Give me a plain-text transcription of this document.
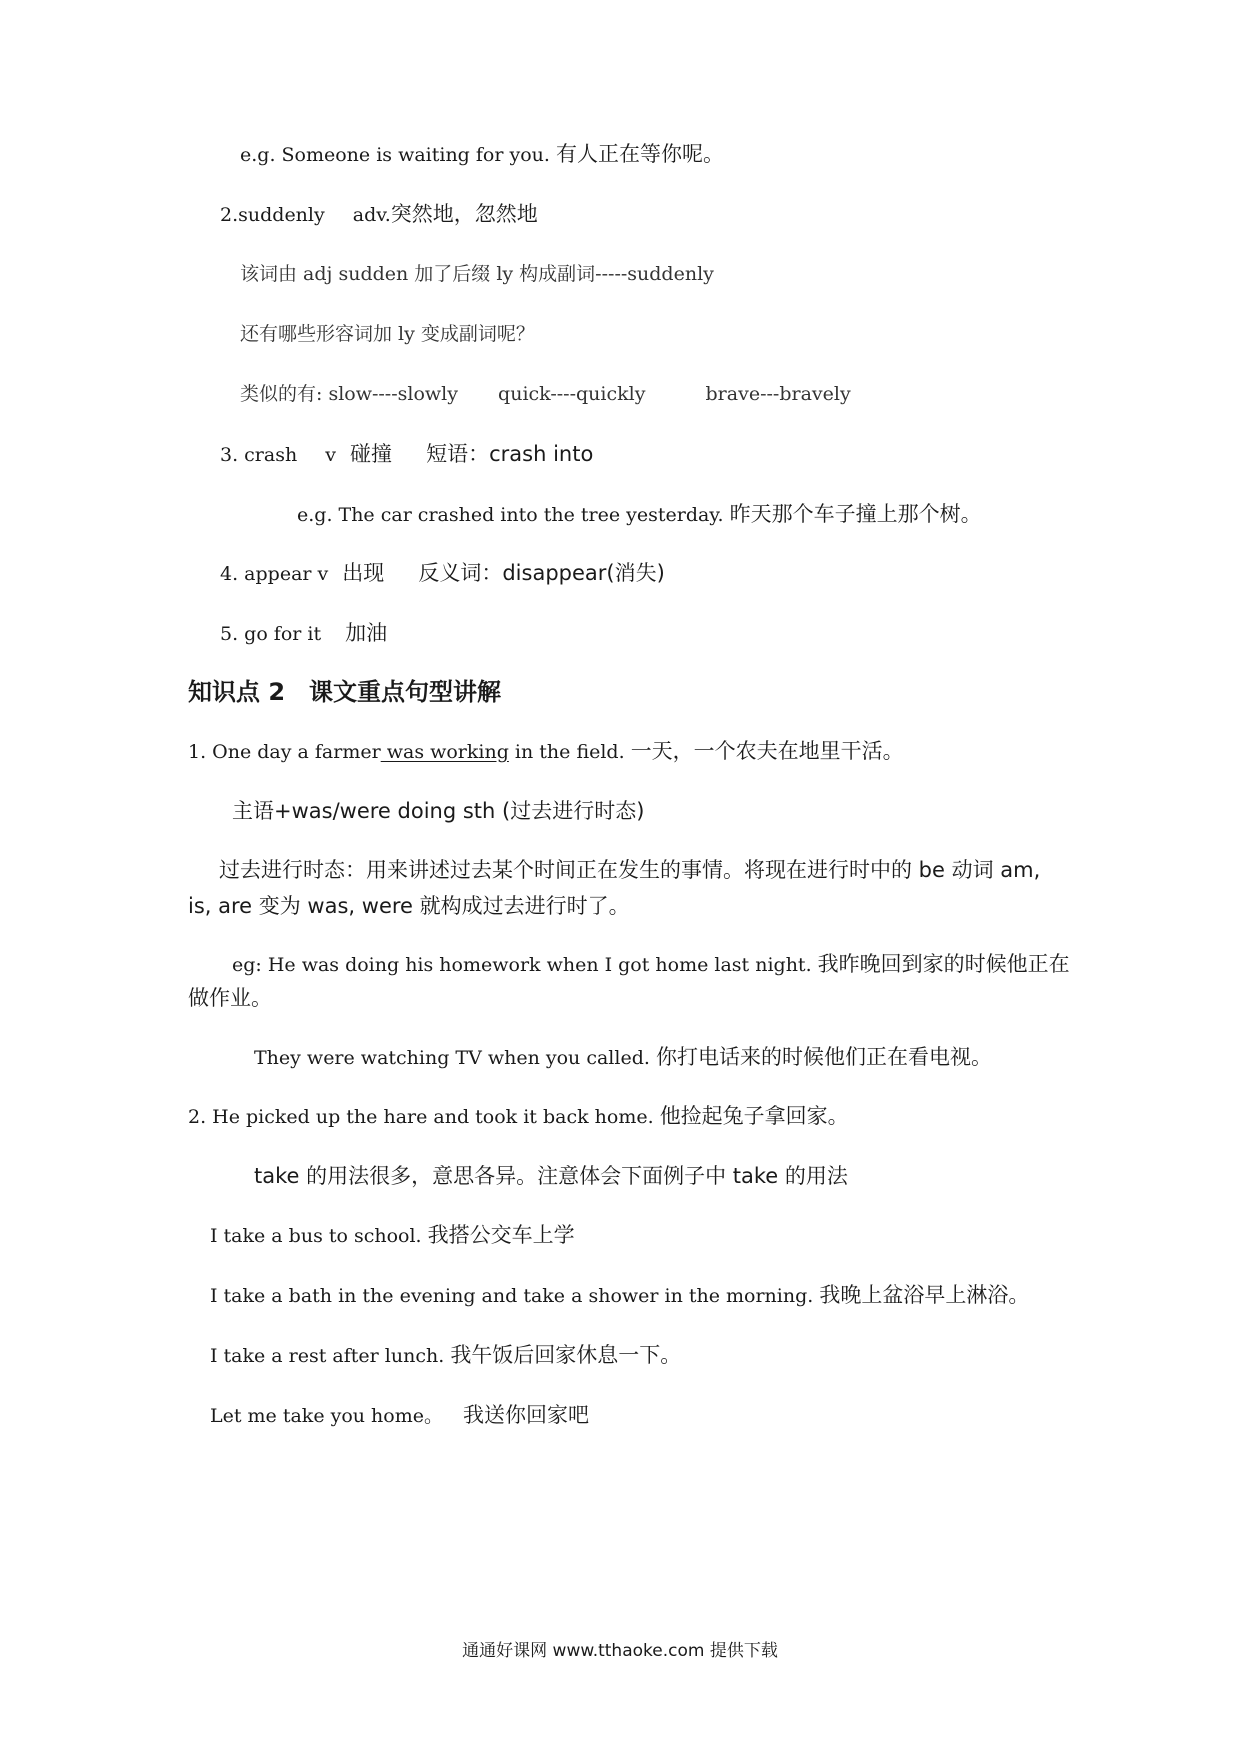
e.g. Someone is waiting for you. 有人正在等你呢。
2.suddenly adv.突然地，忽然地
该词由 adj sudden 加了后缀 ly 构成副词-----suddenly
还有哪些形容词加 ly 变成副词呢？
类似的有: slow----slowly quick----quickly	brave---bravely
3. crash v 碰撞 短语：crash into
e.g. The car crashed into the tree yesterday. 昨天那个车子撞上那个树。
4. appear v 出现 反义词：disappear(消失)
5. go for it 加油
知识点 2　课文重点句型讲解
1. One day a farmer was working in the field. 一天，一个农夫在地里干活。
主语+was/were doing sth (过去进行时态)
过去进行时态：用来讲述过去某个时间正在发生的事情。将现在进行时中的 be 动词 am,
is, are 变为 was, were 就构成过去进行时了。
eg: He was doing his homework when I got home last night. 我昨晚回到家的时候他正在
做作业。
They were watching TV when you called. 你打电话来的时候他们正在看电视。
2. He picked up the hare and took it back home. 他捡起兔子拿回家。
take 的用法很多，意思各异。注意体会下面例子中 take 的用法
I take a bus to school. 我搭公交车上学
I take a bath in the evening and take a shower in the morning. 我晚上盆浴早上淋浴。
I take a rest after lunch. 我午饭后回家休息一下。
Let me take you home。 我送你回家吧
通通好课网 www.tthaoke.com 提供下载
